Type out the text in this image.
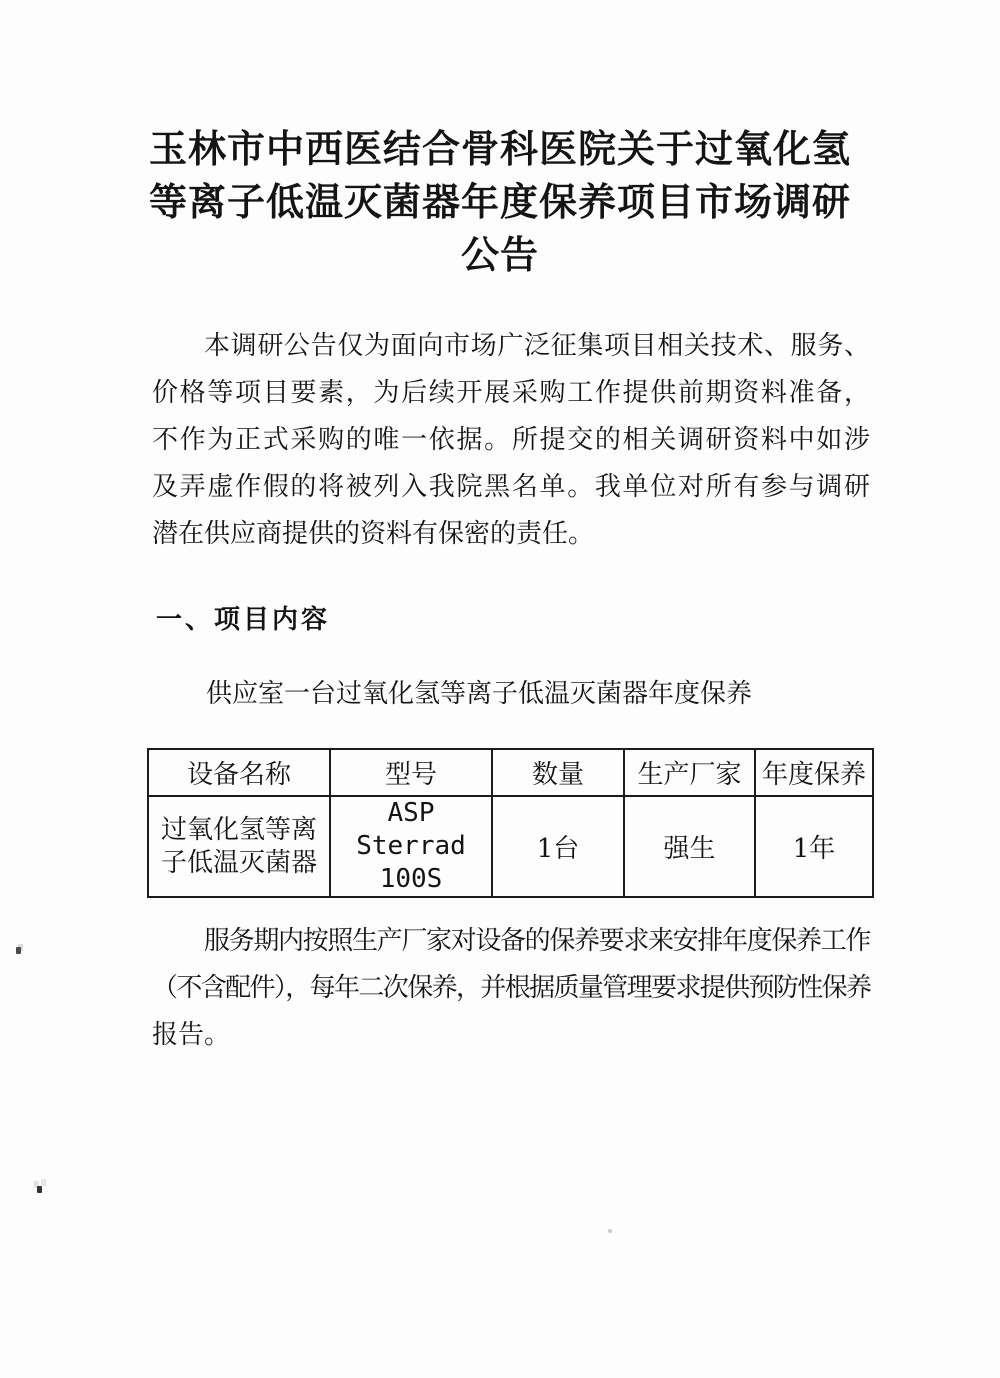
玉林市中西医结合骨科医院关于过氧化氢
等离子低温灭菌器年度保养项目市场调研
公告
本调研公告仅为面向市场广泛征集项目相关技术、服务、
价格等项目要素，为后续开展采购工作提供前期资料准备，
不作为正式采购的唯一依据。所提交的相关调研资料中如涉
及弄虚作假的将被列入我院黑名单。我单位对所有参与调研
潜在供应商提供的资料有保密的责任。
一、项目内容
供应室一台过氧化氢等离子低温灭菌器年度保养
设备名称	型号	数量	生产厂家	年度保养
过氧化氢等离子低温灭菌器	ASP Sterrad 100S	1台	强生	1年
服务期内按照生产厂家对设备的保养要求来安排年度保养工作
（不含配件），每年二次保养，并根据质量管理要求提供预防性保养
报告。
